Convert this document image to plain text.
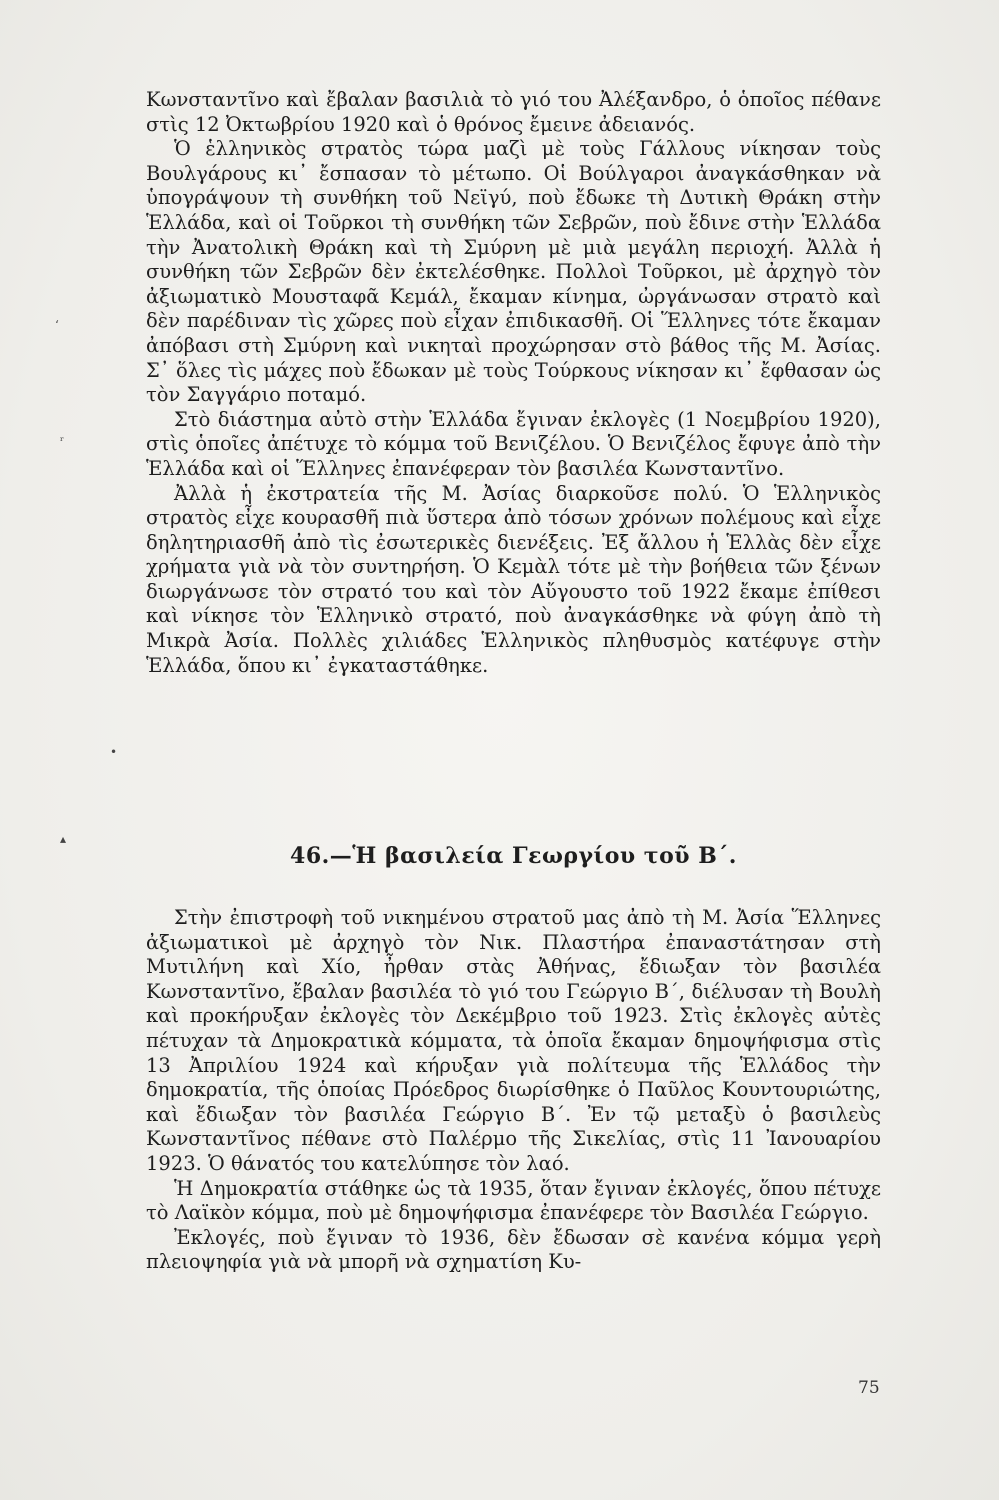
Κωνσταντῖνο καὶ ἔβαλαν βασιλιὰ τὸ γιό του Ἀλέξανδρο, ὁ ὁποῖος πέθανε στὶς 12 Ὀκτωβρίου 1920 καὶ ὁ θρόνος ἔμεινε ἀδειανός.

Ὁ ἑλληνικὸς στρατὸς τώρα μαζὶ μὲ τοὺς Γάλλους νίκησαν τοὺς Βουλγάρους κι᾽ ἔσπασαν τὸ μέτωπο. Οἱ Βούλγαροι ἀναγκάσθηκαν νὰ ὑπογράψουν τὴ συνθήκη τοῦ Νεϊγύ, ποὺ ἔδωκε τὴ Δυτικὴ Θράκη στὴν Ἑλλάδα, καὶ οἱ Τοῦρκοι τὴ συνθήκη τῶν Σεβρῶν, ποὺ ἔδινε στὴν Ἑλλάδα τὴν Ἀνατολικὴ Θράκη καὶ τὴ Σμύρνη μὲ μιὰ μεγάλη περιοχή. Ἀλλὰ ἡ συνθήκη τῶν Σεβρῶν δὲν ἐκτελέσθηκε. Πολλοὶ Τοῦρκοι, μὲ ἀρχηγὸ τὸν ἀξιωματικὸ Μουσταφᾶ Κεμάλ, ἔκαμαν κίνημα, ὠργάνωσαν στρατὸ καὶ δὲν παρέδιναν τὶς χῶρες ποὺ εἶχαν ἐπιδικασθῆ. Οἱ Ἕλληνες τότε ἔκαμαν ἀπόβασι στὴ Σμύρνη καὶ νικηταὶ προχώρησαν στὸ βάθος τῆς Μ. Ἀσίας. Σ᾽ ὅλες τὶς μάχες ποὺ ἔδωκαν μὲ τοὺς Τούρκους νίκησαν κι᾽ ἔφθασαν ὡς τὸν Σαγγάριο ποταμό.

Στὸ διάστημα αὐτὸ στὴν Ἑλλάδα ἔγιναν ἐκλογὲς (1 Νοεμβρίου 1920), στὶς ὁποῖες ἀπέτυχε τὸ κόμμα τοῦ Βενιζέλου. Ὁ Βενιζέλος ἔφυγε ἀπὸ τὴν Ἑλλάδα καὶ οἱ Ἕλληνες ἐπανέφεραν τὸν βασιλέα Κωνσταντῖνο.

Ἀλλὰ ἡ ἐκστρατεία τῆς Μ. Ἀσίας διαρκοῦσε πολύ. Ὁ Ἑλληνικὸς στρατὸς εἶχε κουρασθῆ πιὰ ὕστερα ἀπὸ τόσων χρόνων πολέμους καὶ εἶχε δηλητηριασθῆ ἀπὸ τὶς ἐσωτερικὲς διενέξεις. Ἐξ ἄλλου ἡ Ἑλλὰς δὲν εἶχε χρήματα γιὰ νὰ τὸν συντηρήση. Ὁ Κεμὰλ τότε μὲ τὴν βοήθεια τῶν ξένων διωργάνωσε τὸν στρατό του καὶ τὸν Αὔγουστο τοῦ 1922 ἔκαμε ἐπίθεσι καὶ νίκησε τὸν Ἑλληνικὸ στρατό, ποὺ ἀναγκάσθηκε νὰ φύγη ἀπὸ τὴ Μικρὰ Ἀσία. Πολλὲς χιλιάδες Ἑλληνικὸς πληθυσμὸς κατέφυγε στὴν Ἑλλάδα, ὅπου κι᾽ ἐγκαταστάθηκε.

46.—Ἡ βασιλεία Γεωργίου τοῦ Β΄.

Στὴν ἐπιστροφὴ τοῦ νικημένου στρατοῦ μας ἀπὸ τὴ Μ. Ἀσία Ἕλληνες ἀξιωματικοὶ μὲ ἀρχηγὸ τὸν Νικ. Πλαστήρα ἐπαναστάτησαν στὴ Μυτιλήνη καὶ Χίο, ἦρθαν στὰς Ἀθήνας, ἔδιωξαν τὸν βασιλέα Κωνσταντῖνο, ἔβαλαν βασιλέα τὸ γιό του Γεώργιο Β΄, διέλυσαν τὴ Βουλὴ καὶ προκήρυξαν ἐκλογὲς τὸν Δεκέμβριο τοῦ 1923. Στὶς ἐκλογὲς αὐτὲς πέτυχαν τὰ Δημοκρατικὰ κόμματα, τὰ ὁποῖα ἔκαμαν δημοψήφισμα στὶς 13 Ἀπριλίου 1924 καὶ κήρυξαν γιὰ πολίτευμα τῆς Ἑλλάδος τὴν δημοκρατία, τῆς ὁποίας Πρόεδρος διωρίσθηκε ὁ Παῦλος Κουντουριώτης, καὶ ἔδιωξαν τὸν βασιλέα Γεώργιο Β΄. Ἐν τῷ μεταξὺ ὁ βασιλεὺς Κωνσταντῖνος πέθανε στὸ Παλέρμο τῆς Σικελίας, στὶς 11 Ἰανουαρίου 1923. Ὁ θάνατός του κατελύπησε τὸν λαό.

Ἡ Δημοκρατία στάθηκε ὡς τὰ 1935, ὅταν ἔγιναν ἐκλογές, ὅπου πέτυχε τὸ Λαϊκὸν κόμμα, ποὺ μὲ δημοψήφισμα ἐπανέφερε τὸν Βασιλέα Γεώργιο.

Ἐκλογές, ποὺ ἔγιναν τὸ 1936, δὲν ἔδωσαν σὲ κανένα κόμμα γερὴ πλειοψηφία γιὰ νὰ μπορῆ νὰ σχηματίση Κυ-

75
ʻ
ʳ
•
▴
